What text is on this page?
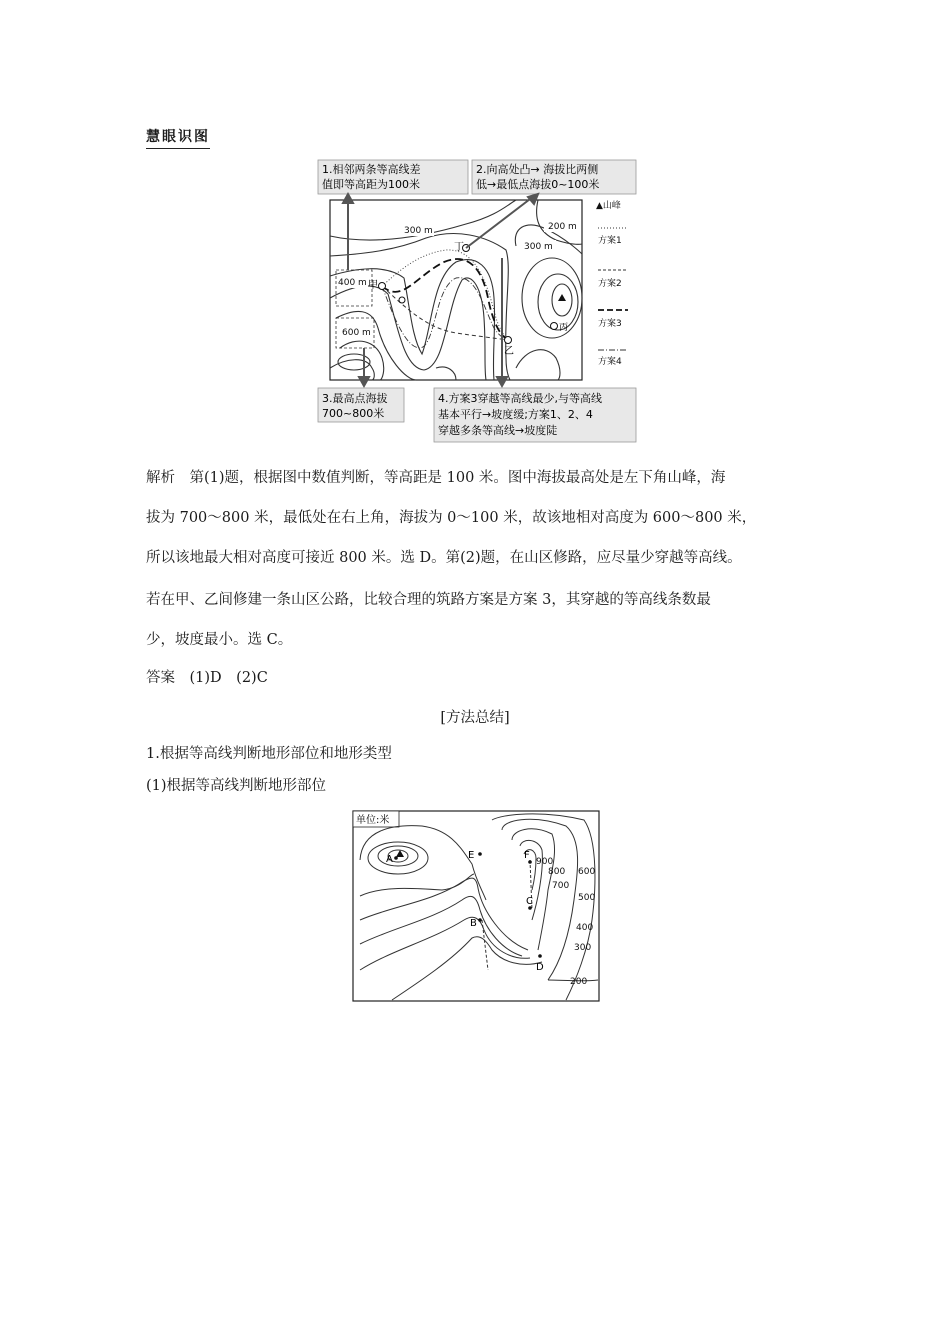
慧眼识图
1.相邻两条等高线差
值即等高距为100米
2.向高处凸→ 海拔比两侧
低→最低点海拔0~100米
甲
乙
丙
丁
300 m	200 m
300 m
400 m
600 m
▲山峰
方案1
方案2
方案3
方案4
3.最高点海拔
700~800米
4.方案3穿越等高线最少,与等高线
基本平行→坡度缓;方案1、2、4
穿越多条等高线→坡度陡
解析　第(1)题，根据图中数值判断，等高距是 100 米。图中海拔最高处是左下角山峰，海
拔为 700～800 米，最低处在右上角，海拔为 0～100 米，故该地相对高度为 600～800 米，
所以该地最大相对高度可接近 800 米。选 D。第(2)题，在山区修路，应尽量少穿越等高线。
若在甲、乙间修建一条山区公路，比较合理的筑路方案是方案 3，其穿越的等高线条数最
少，坡度最小。选 C。
答案　(1)D　(2)C
[方法总结]
1.根据等高线判断地形部位和地形类型
(1)根据等高线判断地形部位
单位:米
A	E	F
B
C
D
900
800
700
600
500
400
300
200
